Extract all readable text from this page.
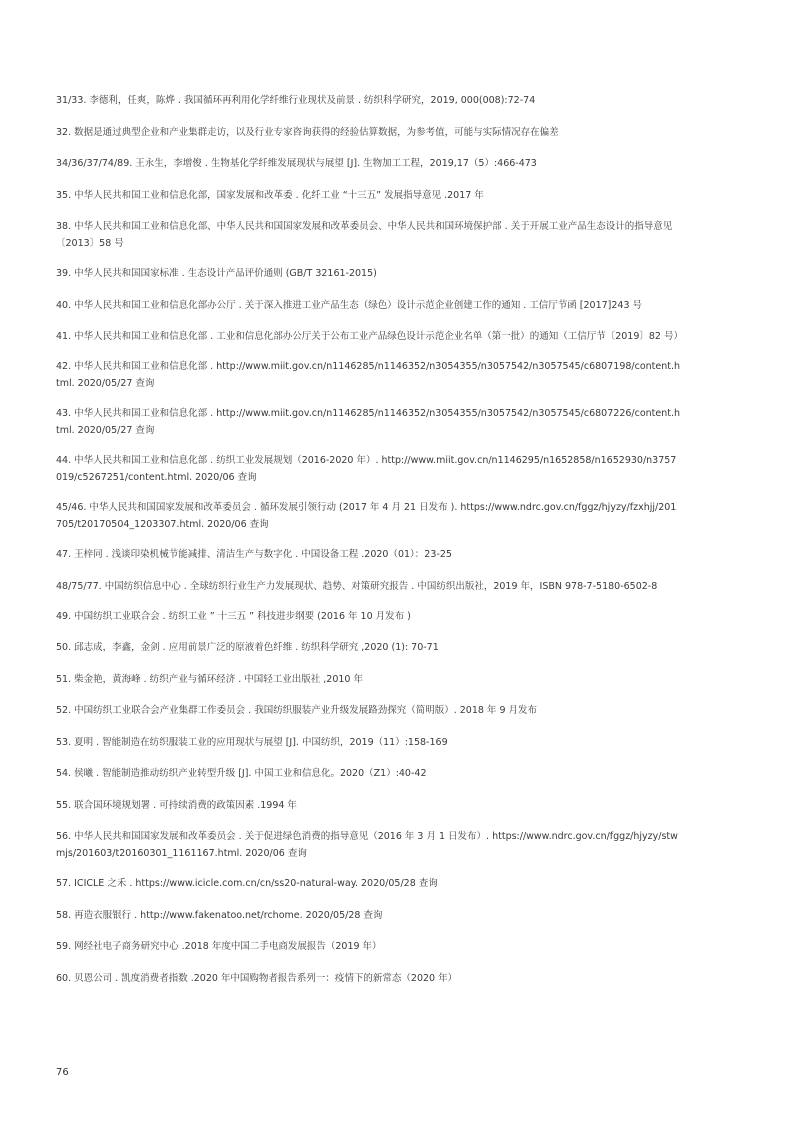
31/33. 李德利，任爽，陈烨 . 我国循环再利用化学纤维行业现状及前景 . 纺织科学研究，2019, 000(008):72-74
32. 数据是通过典型企业和产业集群走访，以及行业专家咨询获得的经验估算数据，为参考值，可能与实际情况存在偏差
34/36/37/74/89. 王永生，李增俊 . 生物基化学纤维发展现状与展望 [J]. 生物加工工程，2019,17（5）:466-473
35. 中华人民共和国工业和信息化部，国家发展和改革委 . 化纤工业 “十三五” 发展指导意见 .2017 年
38. 中华人民共和国工业和信息化部、中华人民共和国国家发展和改革委员会、中华人民共和国环境保护部 . 关于开展工业产品生态设计的指导意见〔2013〕58 号
39. 中华人民共和国国家标准 . 生态设计产品评价通则 (GB/T 32161-2015)
40. 中华人民共和国工业和信息化部办公厅 . 关于深入推进工业产品生态（绿色）设计示范企业创建工作的通知 . 工信厅节函 [2017]243 号
41. 中华人民共和国工业和信息化部 . 工业和信息化部办公厅关于公布工业产品绿色设计示范企业名单（第一批）的通知（工信厅节〔2019〕82 号）
42. 中华人民共和国工业和信息化部 . http://www.miit.gov.cn/n1146285/n1146352/n3054355/n3057542/n3057545/c6807198/content.html. 2020/05/27 查询
43. 中华人民共和国工业和信息化部 . http://www.miit.gov.cn/n1146285/n1146352/n3054355/n3057542/n3057545/c6807226/content.html. 2020/05/27 查询
44. 中华人民共和国工业和信息化部 . 纺织工业发展规划（2016-2020 年）. http://www.miit.gov.cn/n1146295/n1652858/n1652930/n3757019/c5267251/content.html. 2020/06 查询
45/46. 中华人民共和国国家发展和改革委员会 . 循环发展引领行动 (2017 年 4 月 21 日发布 ). https://www.ndrc.gov.cn/fggz/hjyzy/fzxhjj/201705/t20170504_1203307.html. 2020/06 查询
47. 王梓同 . 浅谈印染机械节能减排、清洁生产与数字化 . 中国设备工程 .2020（01）：23-25
48/75/77. 中国纺织信息中心 . 全球纺织行业生产力发展现状、趋势、对策研究报告 . 中国纺织出版社，2019 年，ISBN 978-7-5180-6502-8
49. 中国纺织工业联合会 . 纺织工业 ” 十三五 ” 科技进步纲要 (2016 年 10 月发布 )
50. 邱志成，李鑫，金剑 . 应用前景广泛的原液着色纤维 . 纺织科学研究 ,2020 (1): 70-71
51. 柴金艳，黄海峰 . 纺织产业与循环经济 . 中国轻工业出版社 ,2010 年
52. 中国纺织工业联合会产业集群工作委员会 . 我国纺织服装产业升级发展路劲探究（简明版）. 2018 年 9 月发布
53. 夏明 . 智能制造在纺织服装工业的应用现状与展望 [J]. 中国纺织，2019（11）:158-169
54. 侯曦 . 智能制造推动纺织产业转型升级 [J]. 中国工业和信息化。2020（Z1）:40-42
55. 联合国环境规划署 . 可持续消费的政策因素 .1994 年
56. 中华人民共和国国家发展和改革委员会 . 关于促进绿色消费的指导意见（2016 年 3 月 1 日发布）. https://www.ndrc.gov.cn/fggz/hjyzy/stwmjs/201603/t20160301_1161167.html. 2020/06 查询
57. ICICLE 之禾 . https://www.icicle.com.cn/cn/ss20-natural-way. 2020/05/28 查询
58. 再造衣服银行 . http://www.fakenatoo.net/rchome. 2020/05/28 查询
59. 网经社电子商务研究中心 .2018 年度中国二手电商发展报告（2019 年）
60. 贝恩公司 . 凯度消费者指数 .2020 年中国购物者报告系列一：疫情下的新常态（2020 年）
76
